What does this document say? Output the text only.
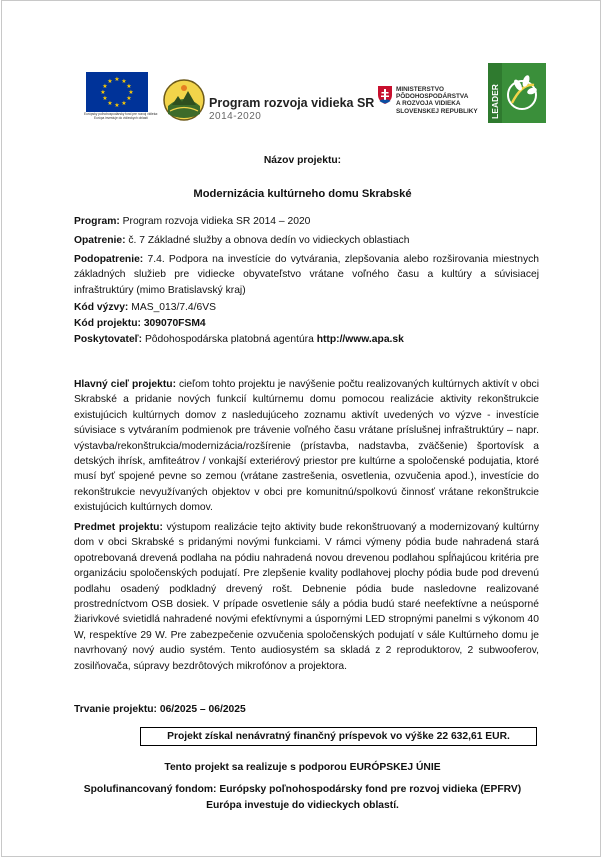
★ ★
★
★
★
★
★
★
★
★
★
★
Európsky poľnohospodársky fond pre rozvoj vidieka: Európa investuje do vidieckych oblastí
Program rozvoja vidieka SR
2014-2020
MINISTERSTVO
PÔDOHOSPODÁRSTVA
A ROZVOJA VIDIEKA
SLOVENSKEJ REPUBLIKY	LEADER
Názov projektu:
Modernizácia kultúrneho domu Skrabské
Program: Program rozvoja vidieka SR 2014 – 2020
Opatrenie: č. 7 Základné služby a obnova dedín vo vidieckych oblastiach
Podopatrenie: 7.4. Podpora na investície do vytvárania, zlepšovania alebo rozširovania miestnych základných služieb pre vidiecke obyvateľstvo vrátane voľného času a kultúry a súvisiacej infraštruktúry (mimo Bratislavský kraj)
Kód výzvy: MAS_013/7.4/6VS
Kód projektu: 309070FSM4
Poskytovateľ: Pôdohospodárska platobná agentúra http://www.apa.sk
Hlavný cieľ projektu: cieľom tohto projektu je navýšenie počtu realizovaných kultúrnych aktivít v obci Skrabské a pridanie nových funkcií kultúrnemu domu pomocou realizácie aktivity rekonštrukcie existujúcich kultúrnych domov z nasledujúceho zoznamu aktivít uvedených vo výzve - investície súvisiace s vytváraním podmienok pre trávenie voľného času vrátane príslušnej infraštruktúry – napr. výstavba/rekonštrukcia/modernizácia/rozšírenie (prístavba, nadstavba, zväčšenie) športovísk a detských ihrísk, amfiteátrov / vonkajší exteriérový priestor pre kultúrne a spoločenské podujatia, ktoré musí byť spojené pevne so zemou (vrátane zastrešenia, osvetlenia, ozvučenia apod.), investície do rekonštrukcie nevyužívaných objektov v obci pre komunitnú/spolkovú činnosť vrátane rekonštrukcie existujúcich kultúrnych domov.
Predmet projektu: výstupom realizácie tejto aktivity bude rekonštruovaný a modernizovaný kultúrny dom v obci Skrabské s pridanými novými funkciami. V rámci výmeny pódia bude nahradená stará opotrebovaná drevená podlaha na pódiu nahradená novou drevenou podlahou spĺňajúcou kritéria pre organizáciu spoločenských podujatí. Pre zlepšenie kvality podlahovej plochy pódia bude pod drevenú podlahu osadený podkladný drevený rošt. Debnenie pódia bude nasledovne realizované prostredníctvom OSB dosiek. V prípade osvetlenie sály a pódia budú staré neefektívne a neúsporné žiarivkové svietidlá nahradené novými efektívnymi a úspornými LED stropnými panelmi s výkonom 40 W, respektíve 29 W. Pre zabezpečenie ozvučenia spoločenských podujatí v sále Kultúrneho domu je navrhovaný nový audio systém. Tento audiosystém sa skladá z 2 reproduktorov, 2 subwooferov, zosilňovača, súpravy bezdrôtových mikrofónov a projektora.
Trvanie projektu: 06/2025 – 06/2025
Projekt získal nenávratný finančný príspevok vo výške 22 632,61 EUR.
Tento projekt sa realizuje s podporou EURÓPSKEJ ÚNIE
Spolufinancovaný fondom: Európsky poľnohospodársky fond pre rozvoj vidieka (EPFRV)
Európa investuje do vidieckych oblastí.
